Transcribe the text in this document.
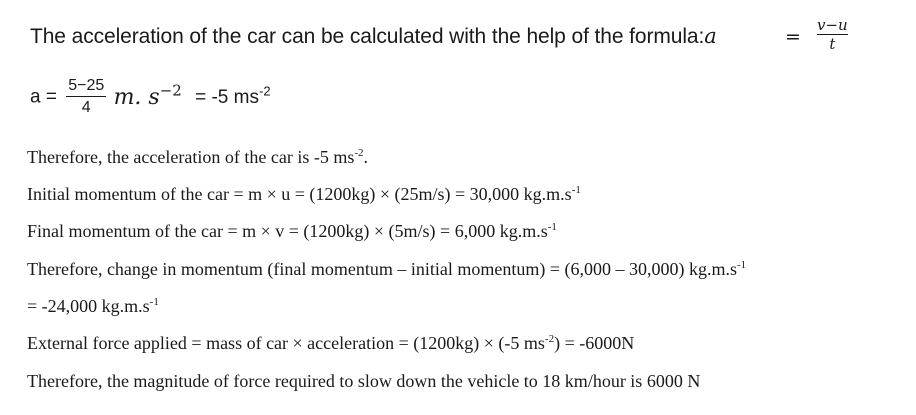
The acceleration of the car can be calculated with the help of the formula:a	=
v−u
t
$a = \frac{5-25}{4} m$. $s^{-2} = -5$ $ms^{-2}$
Therefore, the acceleration of the car is -5 $ms^{-2}$.
Initial momentum of the car = m × u = (1200kg) × (25m/s) = 30,000 $kg.m.s^{-1}$
Final momentum of the car = m × v = (1200kg) × (5m/s) = 6,000 $kg.m.s^{-1}$
Therefore, change in momentum (final momentum – initial momentum) = (6,000 – 30,000) $kg.m.s^{-1}$
= -24,000 $kg.m.s^{-1}$
External force applied = mass of car × acceleration = (1200kg) × (-5 $ms^{-2}) = -6000N$
Therefore, the magnitude of force required to slow down the vehicle to 18 km/hour is 6000 N
